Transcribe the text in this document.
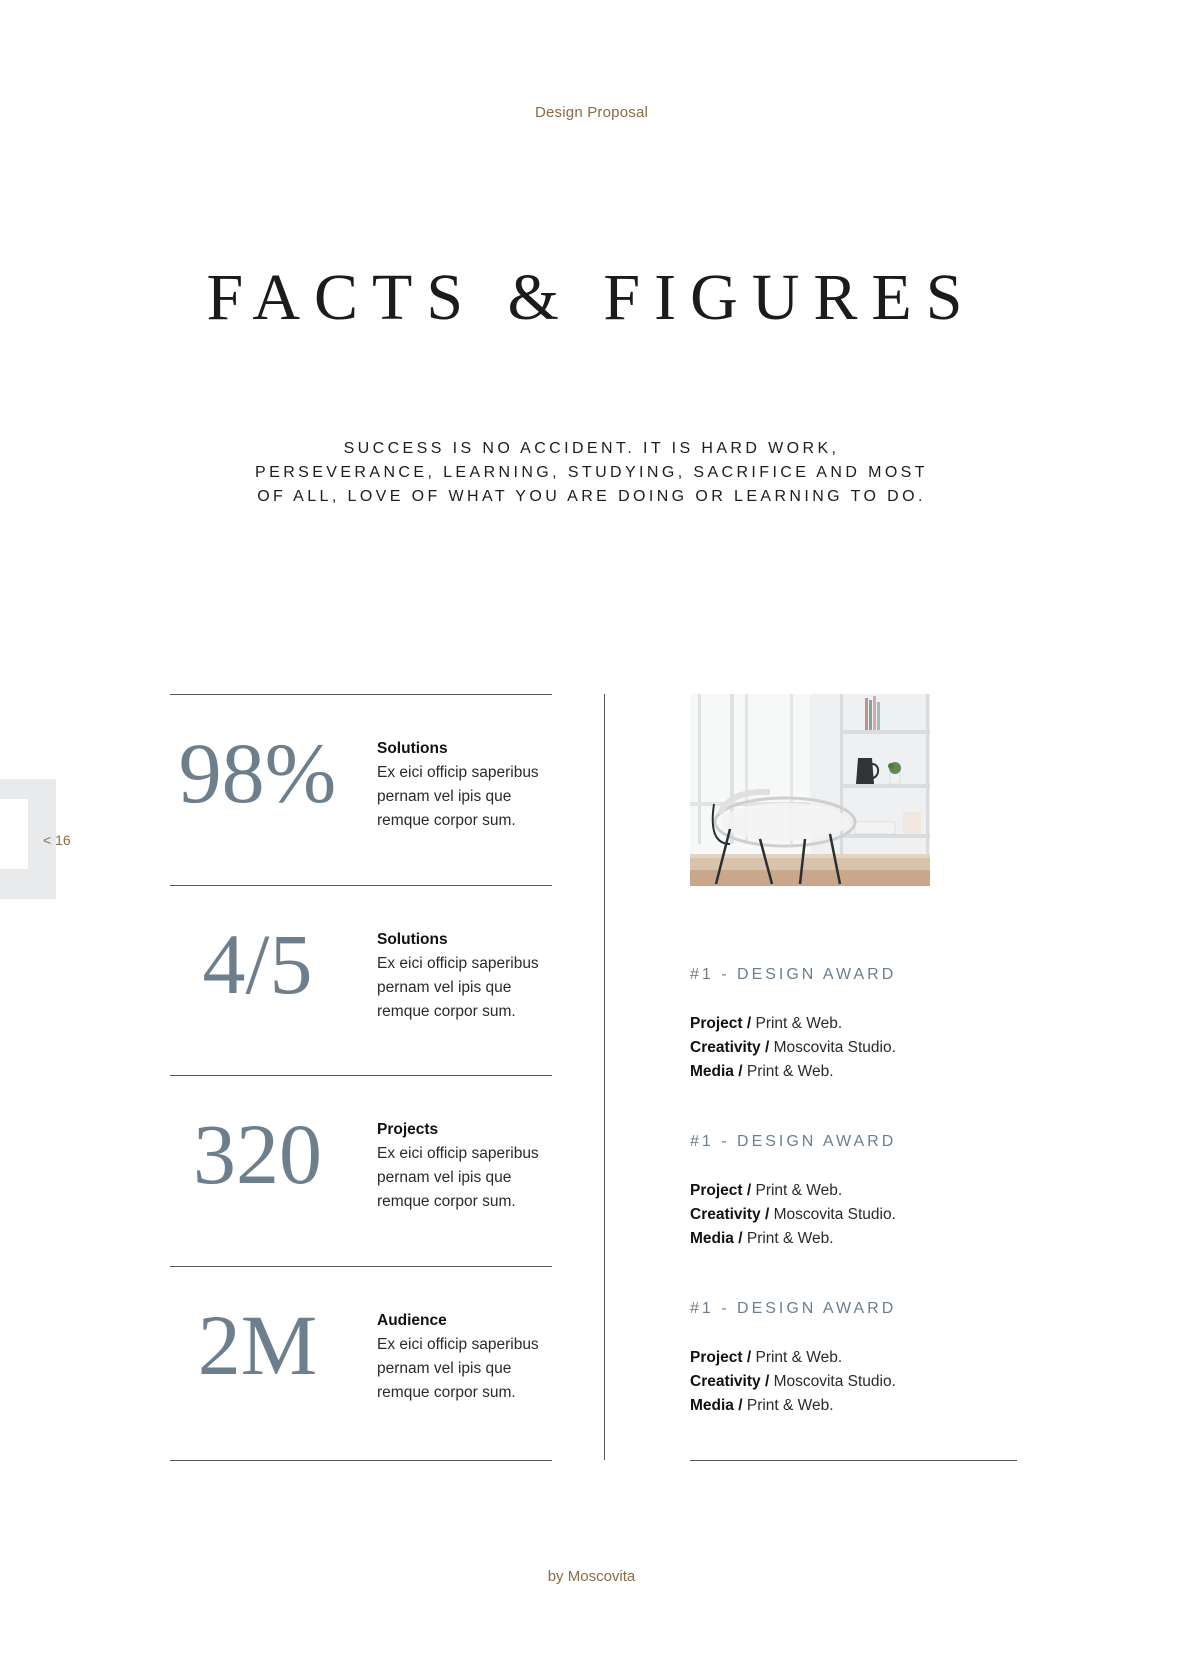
Design Proposal
FACTS & FIGURES
SUCCESS IS NO ACCIDENT. IT IS HARD WORK,
PERSEVERANCE, LEARNING, STUDYING, SACRIFICE AND MOST
OF ALL, LOVE OF WHAT YOU ARE DOING OR LEARNING TO DO.
< 16
98%	Solutions
Ex eici officip saperibus
pernam vel ipis que
remque corpor sum.
4/5	Solutions
Ex eici officip saperibus
pernam vel ipis que
remque corpor sum.
320	Projects
Ex eici officip saperibus
pernam vel ipis que
remque corpor sum.
2M	Audience
Ex eici officip saperibus
pernam vel ipis que
remque corpor sum.
#1 - DESIGN AWARD
Project / Print & Web.
Creativity / Moscovita Studio.
Media / Print & Web.
#1 - DESIGN AWARD
Project / Print & Web.
Creativity / Moscovita Studio.
Media / Print & Web.
#1 - DESIGN AWARD
Project / Print & Web.
Creativity / Moscovita Studio.
Media / Print & Web.
by Moscovita
